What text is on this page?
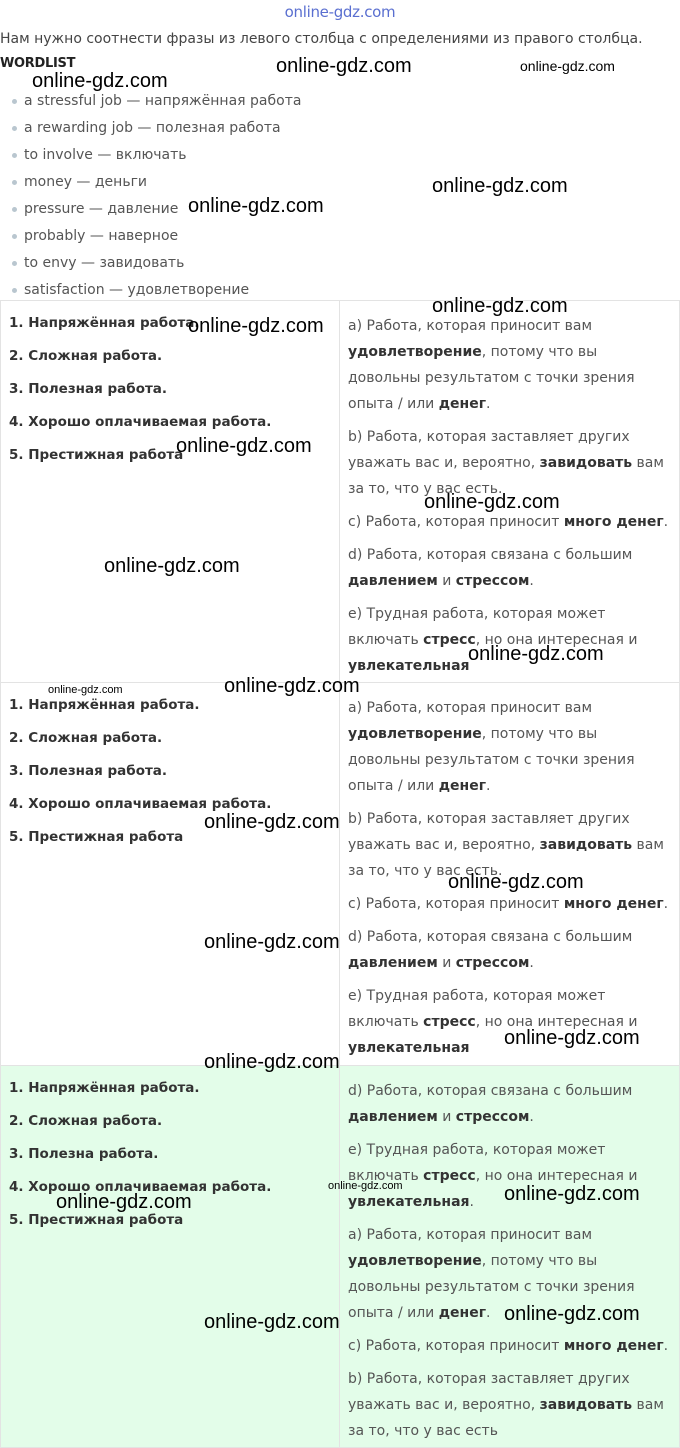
online-gdz.com
Нам нужно соотнести фразы из левого столбца с определениями из правого столбца.
WORDLIST
a stressful job — напряжённая работа
a rewarding job — полезная работа
to involve — включать
money — деньги
pressure — давление
probably — наверное
to envy — завидовать
satisfaction — удовлетворение
1. Напряжённая работа.
2. Сложная работа.
3. Полезная работа.
4. Хорошо оплачиваемая работа.
5. Престижная работа
a) Работа, которая приносит вам удовлетворение, потому что вы довольны результатом с точки зрения опыта / или денег.
b) Работа, которая заставляет других уважать вас и, вероятно, завидовать вам за то, что у вас есть.
c) Работа, которая приносит много денег.
d) Работа, которая связана с большим давлением и стрессом.
e) Трудная работа, которая может включать стресс, но она интересная и увлекательная
1. Напряжённая работа.
2. Сложная работа.
3. Полезная работа.
4. Хорошо оплачиваемая работа.
5. Престижная работа
a) Работа, которая приносит вам удовлетворение, потому что вы довольны результатом с точки зрения опыта / или денег.
b) Работа, которая заставляет других уважать вас и, вероятно, завидовать вам за то, что у вас есть.
c) Работа, которая приносит много денег.
d) Работа, которая связана с большим давлением и стрессом.
e) Трудная работа, которая может включать стресс, но она интересная и увлекательная
1. Напряжённая работа.
2. Сложная работа.
3. Полезна работа.
4. Хорошо оплачиваемая работа.
5. Престижная работа
d) Работа, которая связана с большим давлением и стрессом.
e) Трудная работа, которая может включать стресс, но она интересная и увлекательная.
a) Работа, которая приносит вам удовлетворение, потому что вы довольны результатом с точки зрения опыта / или денег.
c) Работа, которая приносит много денег.
b) Работа, которая заставляет других уважать вас и, вероятно, завидовать вам за то, что у вас есть
online-gdz.com
online-gdz.com	online-gdz.com
online-gdz.com
online-gdz.com
online-gdz.com
online-gdz.com
online-gdz.com
online-gdz.com
online-gdz.com
online-gdz.com
online-gdz.com	online-gdz.com
online-gdz.com
online-gdz.com
online-gdz.com
online-gdz.com
online-gdz.com
online-gdz.com	online-gdz.com
online-gdz.com
online-gdz.com
online-gdz.com
